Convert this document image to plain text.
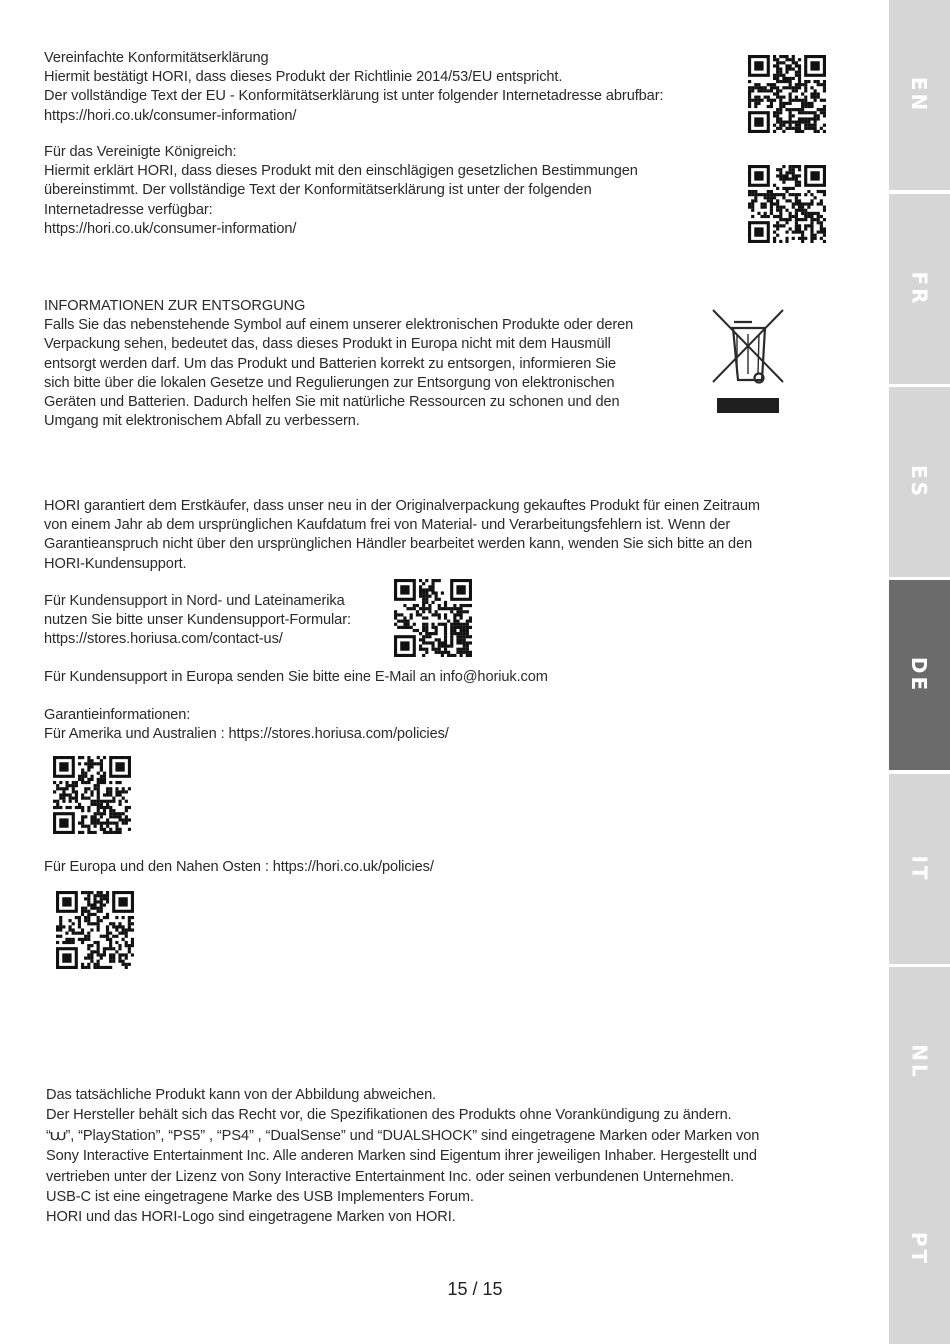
Vereinfachte Konformitätserklärung

Hiermit bestätigt HORI, dass dieses Produkt der Richtlinie 2014/53/EU entspricht.

Der vollständige Text der EU - Konformitätserklärung ist unter folgender Internetadresse abrufbar:

https://hori.co.uk/consumer-information/

Für das Vereinigte Königreich:

Hiermit erklärt HORI, dass dieses Produkt mit den einschlägigen gesetzlichen Bestimmungen

übereinstimmt. Der vollständige Text der Konformitätserklärung ist unter der folgenden

Internetadresse verfügbar:

https://hori.co.uk/consumer-information/

INFORMATIONEN ZUR ENTSORGUNG

Falls Sie das nebenstehende Symbol auf einem unserer elektronischen Produkte oder deren

Verpackung sehen, bedeutet das, dass dieses Produkt in Europa nicht mit dem Hausmüll

entsorgt werden darf. Um das Produkt und Batterien korrekt zu entsorgen, informieren Sie

sich bitte über die lokalen Gesetze und Regulierungen zur Entsorgung von elektronischen

Geräten und Batterien. Dadurch helfen Sie mit natürliche Ressourcen zu schonen und den

Umgang mit elektronischem Abfall zu verbessern.

HORI garantiert dem Erstkäufer, dass unser neu in der Originalverpackung gekauftes Produkt für einen Zeitraum

von einem Jahr ab dem ursprünglichen Kaufdatum frei von Material- und Verarbeitungsfehlern ist. Wenn der

Garantieanspruch nicht über den ursprünglichen Händler bearbeitet werden kann, wenden Sie sich bitte an den

HORI-Kundensupport.

Für Kundensupport in Nord- und Lateinamerika

nutzen Sie bitte unser Kundensupport-Formular:

https://stores.horiusa.com/contact-us/

Für Kundensupport in Europa senden Sie bitte eine E-Mail an info@horiuk.com

Garantieinformationen:

Für Amerika und Australien : https://stores.horiusa.com/policies/

Für Europa und den Nahen Osten : https://hori.co.uk/policies/

Das tatsächliche Produkt kann von der Abbildung abweichen.

Der Hersteller behält sich das Recht vor, die Spezifikationen des Produkts ohne Vorankündigung zu ändern.

“⩊”, “PlayStation”, “PS5” , “PS4” , “DualSense” und “DUALSHOCK” sind eingetragene Marken oder Marken von

Sony Interactive Entertainment Inc. Alle anderen Marken sind Eigentum ihrer jeweiligen Inhaber. Hergestellt und

vertrieben unter der Lizenz von Sony Interactive Entertainment Inc. oder seinen verbundenen Unternehmen.

USB-C ist eine eingetragene Marke des USB Implementers Forum.

HORI und das HORI-Logo sind eingetragene Marken von HORI.

15 / 15
EN
FR
ES
DE
IT
NL
PT
